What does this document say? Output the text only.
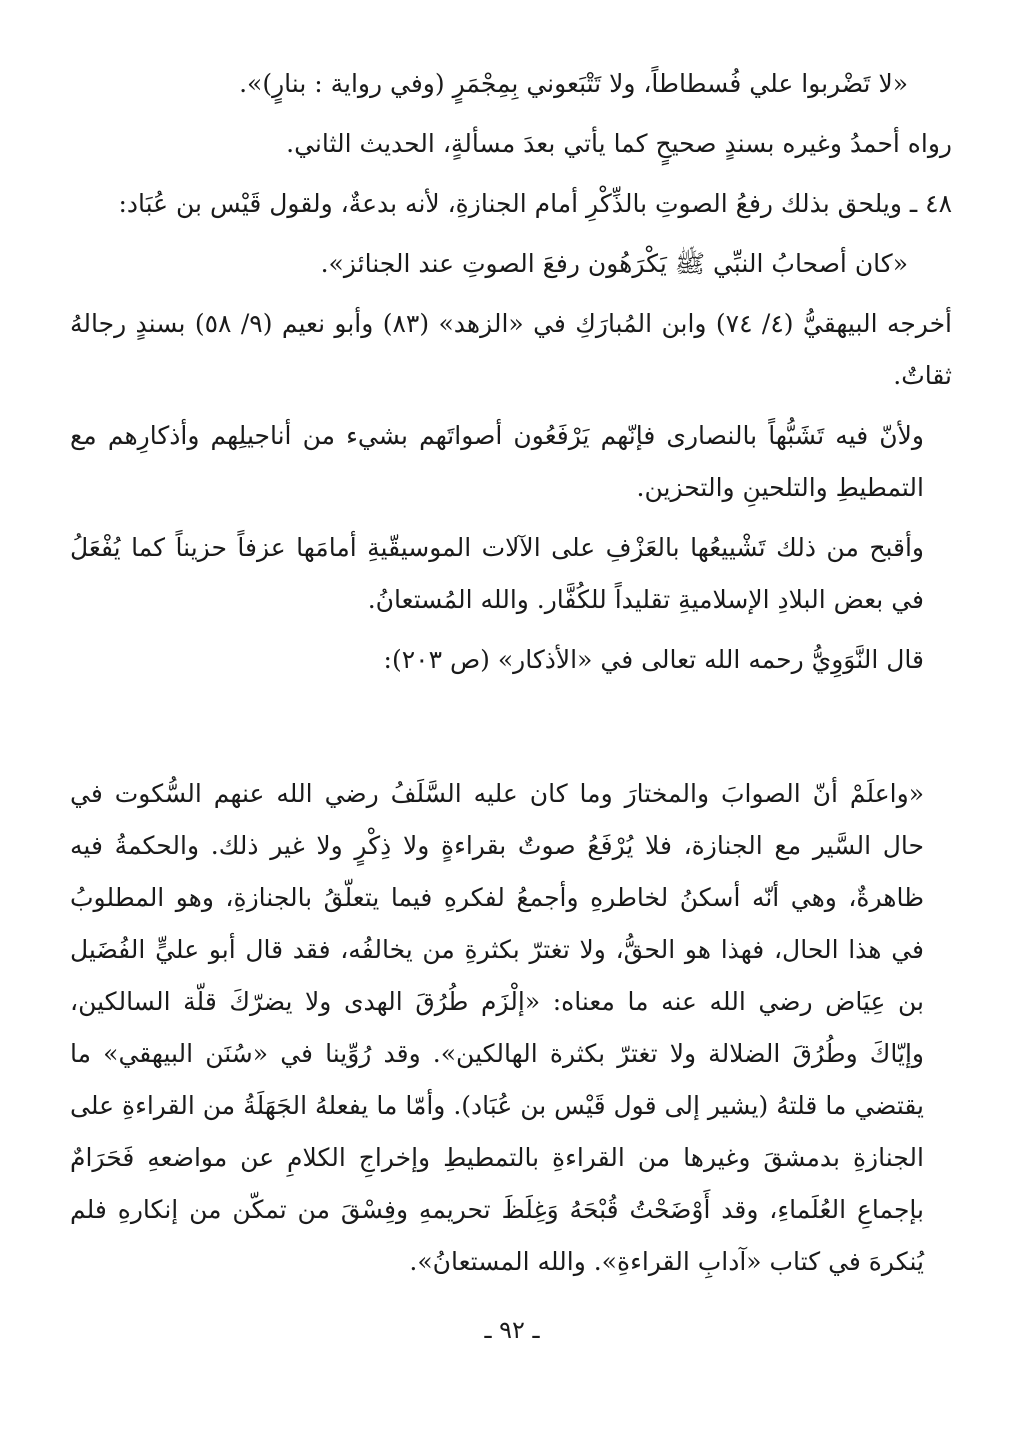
«لا تَضْربوا علي فُسطاطاً، ولا تَتْبَعوني بِمِجْمَرٍ (وفي رواية : بنارٍ)».

رواه أحمدُ وغيره بسندٍ صحيحٍ كما يأتي بعدَ مسألةٍ، الحديث الثاني.

٤٨ ـ ويلحق بذلك رفعُ الصوتِ بالذِّكْرِ أمام الجنازةِ، لأنه بدعةٌ، ولقول قَيْس بن عُبَاد:

«كان أصحابُ النبِّي ﷺ يَكْرَهُون رفعَ الصوتِ عند الجنائز».

أخرجه البيهقيُّ (٤/ ٧٤) وابن المُبارَكِ في «الزهد» (٨٣) وأبو نعيم (٩/ ٥٨) بسندٍ رجالهُ ثقاتٌ.

ولأنّ فيه تَشَبُّهاً بالنصارى فإنّهم يَرْفَعُون أصواتَهم بشيء من أناجيلِهم وأذكارِهم مع التمطيطِ والتلحينِ والتحزين.

وأقبح من ذلك تَشْييعُها بالعَزْفِ على الآلات الموسيقّيةِ أمامَها عزفاً حزيناً كما يُفْعَلُ في بعض البلادِ الإسلاميةِ تقليداً للكُفَّار. والله المُستعانُ.

قال النَّوَوِيُّ رحمه الله تعالى في «الأذكار» (ص ٢٠٣):

«واعلَمْ أنّ الصوابَ والمختارَ وما كان عليه السَّلَفُ رضي الله عنهم السُّكوت في حال السَّير مع الجنازة، فلا يُرْفَعُ صوتٌ بقراءةٍ ولا ذِكْرٍ ولا غير ذلك. والحكمةُ فيه ظاهرةٌ، وهي أنّه أسكنُ لخاطرهِ وأجمعُ لفكرهِ فيما يتعلّقُ بالجنازةِ، وهو المطلوبُ في هذا الحال، فهذا هو الحقُّ، ولا تغترّ بكثرةِ من يخالفُه، فقد قال أبو عليٍّ الفُضَيل بن عِيَاض رضي الله عنه ما معناه: «إلْزَم طُرُقَ الهدى ولا يضرّكَ قلّة السالكين، وإيّاكَ وطُرُقَ الضلالة ولا تغترّ بكثرة الهالكين». وقد رُوِّينا في «سُنَن البيهقي» ما يقتضي ما قلتهُ (يشير إلى قول قَيْس بن عُبَاد). وأمّا ما يفعلهُ الجَهَلَةُ من القراءةِ على الجنازةِ بدمشقَ وغيرها من القراءةِ بالتمطيطِ وإخراجِ الكلامِ عن مواضعهِ فَحَرَامٌ بإجماعِ العُلَماءِ، وقد أَوْضَحْتُ قُبْحَهُ وَغِلَظَ تحريمهِ وفِسْقَ من تمكّن من إنكارهِ فلم يُنكرهَ في كتاب «آدابِ القراءةِ». والله المستعانُ».

ـ ٩٢ ـ
